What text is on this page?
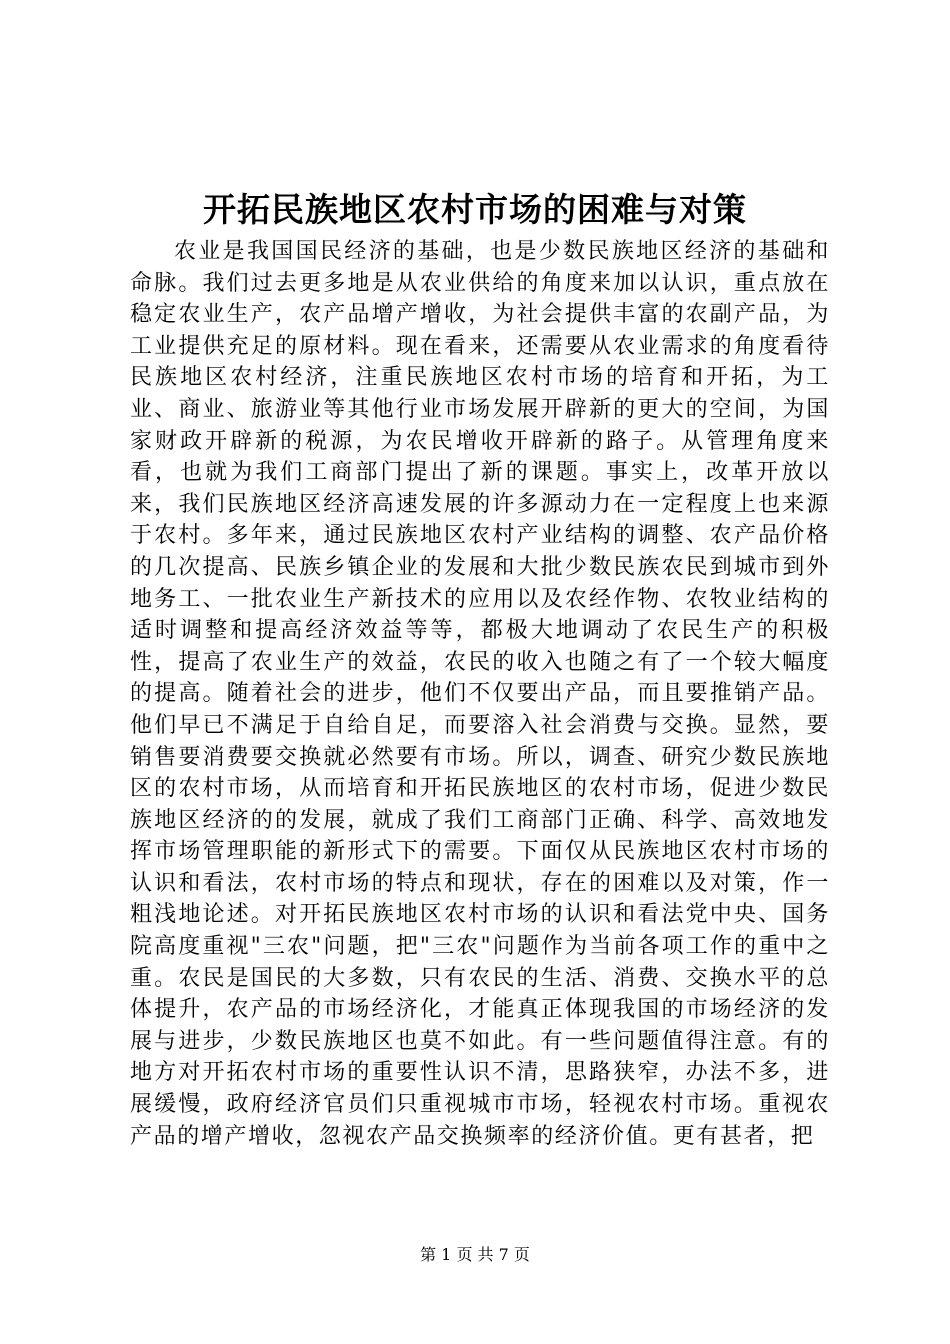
开拓民族地区农村市场的困难与对策

农业是我国国民经济的基础，也是少数民族地区经济的基础和命脉。我们过去更多地是从农业供给的角度来加以认识，重点放在稳定农业生产，农产品增产增收，为社会提供丰富的农副产品，为工业提供充足的原材料。现在看来，还需要从农业需求的角度看待民族地区农村经济，注重民族地区农村市场的培育和开拓，为工业、商业、旅游业等其他行业市场发展开辟新的更大的空间，为国家财政开辟新的税源，为农民增收开辟新的路子。从管理角度来看，也就为我们工商部门提出了新的课题。事实上，改革开放以来，我们民族地区经济高速发展的许多源动力在一定程度上也来源于农村。多年来，通过民族地区农村产业结构的调整、农产品价格的几次提高、民族乡镇企业的发展和大批少数民族农民到城市到外地务工、一批农业生产新技术的应用以及农经作物、农牧业结构的适时调整和提高经济效益等等，都极大地调动了农民生产的积极性，提高了农业生产的效益，农民的收入也随之有了一个较大幅度的提高。随着社会的进步，他们不仅要出产品，而且要推销产品。他们早已不满足于自给自足，而要溶入社会消费与交换。显然，要销售要消费要交换就必然要有市场。所以，调查、研究少数民族地区的农村市场，从而培育和开拓民族地区的农村市场，促进少数民族地区经济的的发展，就成了我们工商部门正确、科学、高效地发挥市场管理职能的新形式下的需要。下面仅从民族地区农村市场的认识和看法，农村市场的特点和现状，存在的困难以及对策，作一粗浅地论述。对开拓民族地区农村市场的认识和看法党中央、国务院高度重视"三农"问题，把"三农"问题作为当前各项工作的重中之重。农民是国民的大多数，只有农民的生活、消费、交换水平的总体提升，农产品的市场经济化，才能真正体现我国的市场经济的发展与进步，少数民族地区也莫不如此。有一些问题值得注意。有的地方对开拓农村市场的重要性认识不清，思路狭窄，办法不多，进展缓慢，政府经济官员们只重视城市市场，轻视农村市场。重视农产品的增产增收，忽视农产品交换频率的经济价值。更有甚者，把

第 1 页 共 7 页
